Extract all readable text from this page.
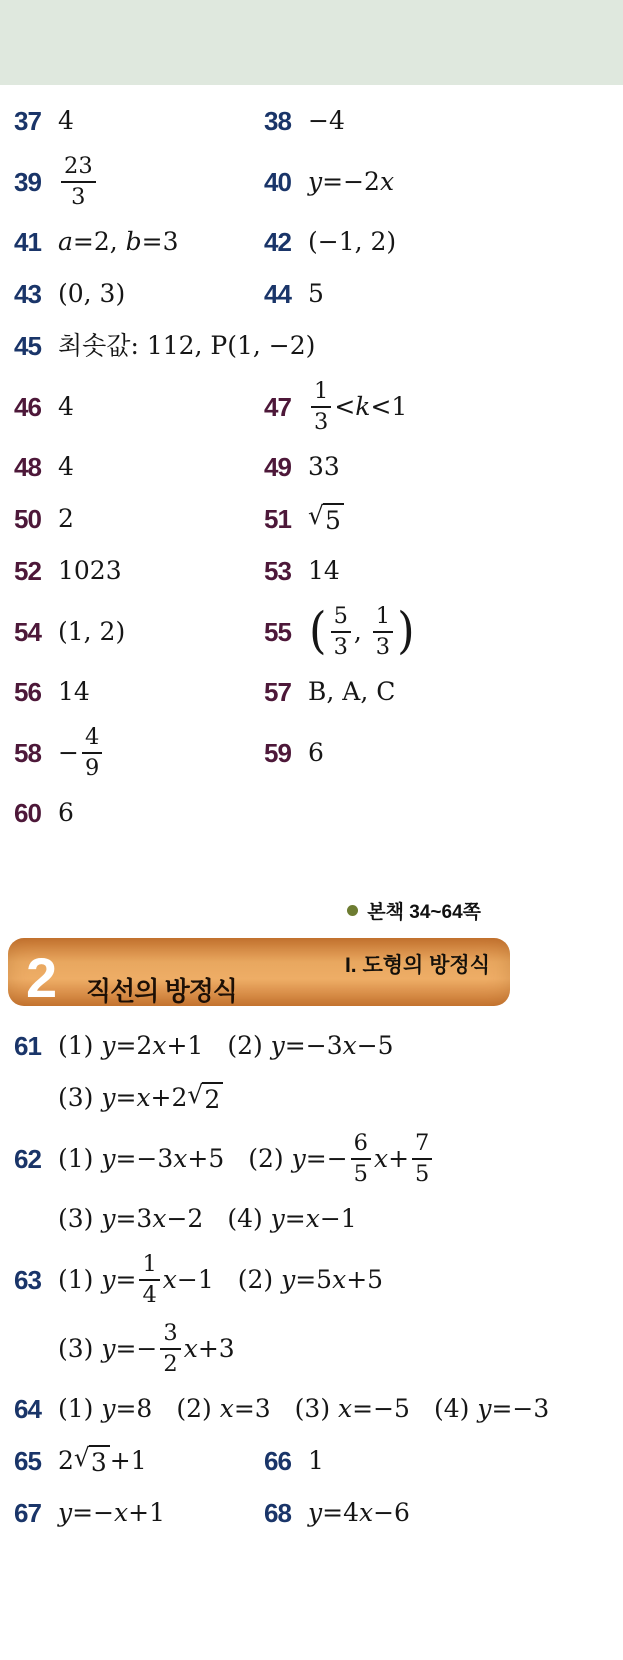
37 4	38 −4
$39 \frac{23}{3}$	40 y =−2 x
41 a =2, b =3	42 (−1, 2)
43 (0, 3)	44 5
45 최솟값: 112, P(1, −2)
46 4	$47 \frac{1}{3} < k <1$
48 4	49 33
50 2	51 √ 5
52 1023	53 14
54 (1, 2)	55 ( $\frac{5}{3}$ , $\frac{1}{3}$ )
56 14	57 B, A, C
$58 - \frac{4}{9}$	59 6
60 6
본책 34~64쪽
2 직선의 방정식
I. 도형의 방정식
61 (1) y =2 x +1 (2) y =−3 x −5
(3) y = x +2 √ 2
62 (1) y =−3 x +5 (2) $y =- \frac{6}{5}$ $x + \frac{7}{5}$
(3) y =3 x −2 (4) y = x −1
63 (1) $y = \frac{1}{4}$ x −1 (2) y =5 x +5
(3) $y =- \frac{3}{2}$ x +3
64 (1) y =8 (2) x =3 (3) x =−5 (4) y =−3
65 2 √ 3 +1	66 1
67 y =− x +1	68 y =4 x −6
